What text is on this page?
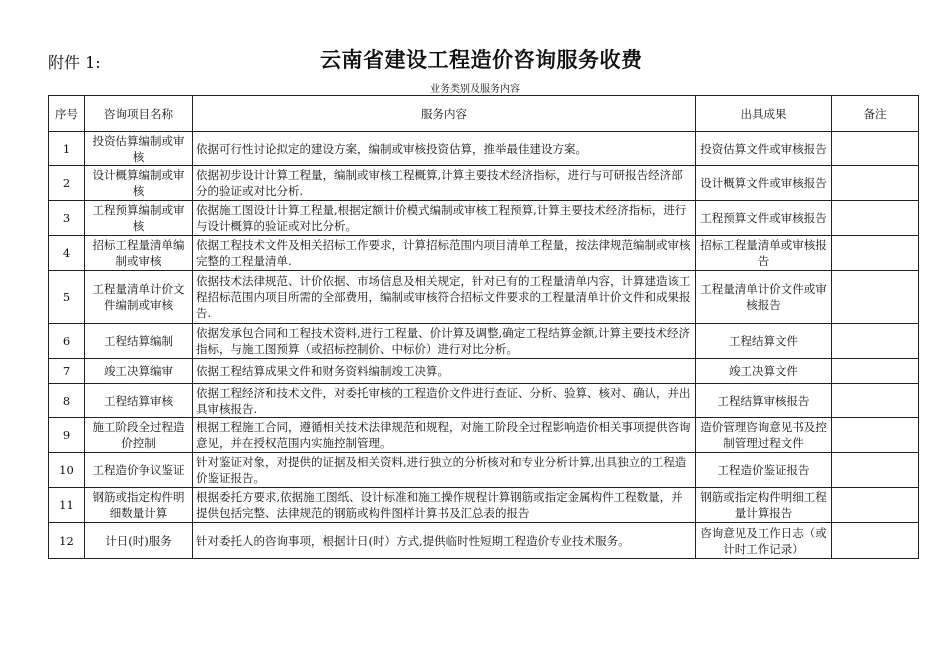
附件 1:	云南省建设工程造价咨询服务收费
业务类别及服务内容
序号	咨询项目名称	服务内容	出具成果	备注
1	投资估算编制或审核	依据可行性讨论拟定的建设方案，编制或审核投资估算，推举最佳建设方案。	投资估算文件或审核报告	
2	设计概算编制或审核	依据初步设计计算工程量，编制或审核工程概算,计算主要技术经济指标，进行与可研报告经济部分的验证或对比分析.	设计概算文件或审核报告	
3	工程预算编制或审核	依据施工图设计计算工程量,根据定额计价模式编制或审核工程预算,计算主要技术经济指标，进行与设计概算的验证或对比分析。	工程预算文件或审核报告	
4	招标工程量清单编制或审核	依据工程技术文件及相关招标工作要求，计算招标范围内项目清单工程量，按法律规范编制或审核完整的工程量清单.	招标工程量清单或审核报告	
5	工程量清单计价文件编制或审核	依据技术法律规范、计价依据、市场信息及相关规定，针对已有的工程量清单内容，计算建造该工程招标范围内项目所需的全部费用，编制或审核符合招标文件要求的工程量清单计价文件和成果报告.	工程量清单计价文件或审核报告	
6	工程结算编制	依据发承包合同和工程技术资料,进行工程量、价计算及调整,确定工程结算金额,计算主要技术经济指标，与施工图预算（或招标控制价、中标价）进行对比分析。	工程结算文件	
7	竣工决算编审	依据工程结算成果文件和财务资料编制竣工决算。	竣工决算文件	
8	工程结算审核	依据工程经济和技术文件，对委托审核的工程造价文件进行查证、分析、验算、核对、确认，并出具审核报告.	工程结算审核报告	
9	施工阶段全过程造价控制	根据工程施工合同，遵循相关技术法律规范和规程，对施工阶段全过程影响造价相关事项提供咨询意见，并在授权范围内实施控制管理。	造价管理咨询意见书及控制管理过程文件	
10	工程造价争议鉴证	针对鉴证对象，对提供的证据及相关资料,进行独立的分析核对和专业分析计算,出具独立的工程造价鉴证报告。	工程造价鉴证报告	
11	钢筋或指定构件明细数量计算	根据委托方要求,依据施工图纸、设计标准和施工操作规程计算钢筋或指定金属构件工程数量，并提供包括完整、法律规范的钢筋或构件图样计算书及汇总表的报告	钢筋或指定构件明细工程量计算报告	
12	计日(时)服务	针对委托人的咨询事项，根据计日(时）方式,提供临时性短期工程造价专业技术服务。	咨询意见及工作日志（或计时工作记录）	
